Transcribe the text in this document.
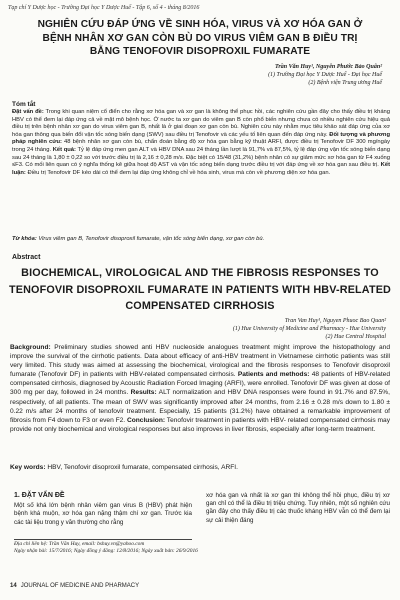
Tạp chí Y Dược học - Trường Đại học Y Dược Huế - Tập 6, số 4 - tháng 8/2016
NGHIÊN CỨU ĐÁP ỨNG VỀ SINH HÓA, VIRUS VÀ XƠ HÓA GAN Ở BỆNH NHÂN XƠ GAN CÒN BÙ DO VIRUS VIÊM GAN B ĐIỀU TRỊ BẰNG TENOFOVIR DISOPROXIL FUMARATE
Trần Văn Huy¹, Nguyễn Phước Bảo Quân²
(1) Trường Đại học Y Dược Huế - Đại học Huế
(2) Bệnh viện Trung ương Huế
Tóm tắt
Đặt vấn đề: Trong khi quan niệm cổ điển cho rằng xơ hóa gan và xơ gan là không thể phục hồi, các nghiên cứu gần đây cho thấy điều trị kháng HBV có thể đem lại đáp ứng cả về mặt mô bệnh học. Ở nước ta xơ gan do viêm gan B còn phổ biến nhưng chưa có nhiều nghiên cứu hiệu quả điều trị trên bệnh nhân xơ gan do virus viêm gan B, nhất là ở giai đoạn xơ gan còn bù. Nghiên cứu này nhằm mục tiêu khảo sát đáp ứng của xơ hóa gan thông qua biến đổi vận tốc sóng biến dạng (SWV) sau điều trị Tenofovir và các yếu tố liên quan đến đáp ứng này. Đối tượng và phương pháp nghiên cứu: 48 bệnh nhân xơ gan còn bù, chẩn đoán bằng độ xơ hóa gan bằng kỹ thuật ARFI, được điều trị Tenofovir DF 300 mg/ngày trong 24 tháng. Kết quả: Tỷ lệ đáp ứng men gan ALT và HBV DNA sau 24 tháng lần lượt là 91,7% và 87,5%, tỷ lệ đáp ứng vận tốc sóng biến dạng sau 24 tháng là 1,80 ± 0,22 so với trước điều trị là 2,16 ± 0,28 m/s. Đặc biệt có 15/48 (31,2%) bệnh nhân có sự giảm mức xơ hóa gan từ F4 xuống ≤F3. Có mối liên quan có ý nghĩa thống kê giữa hoạt độ AST và vận tốc sóng biến dạng trước điều trị với đáp ứng về xơ hóa gan sau điều trị. Kết luận: Điều trị Tenofovir DF kéo dài có thể đem lại đáp ứng không chỉ về hóa sinh, virus mà còn về phương diện xơ hóa gan.
Từ khóa: Virus viêm gan B, Tenofovir disoproxil fumarate, vận tốc sóng biến dạng, xơ gan còn bù.
Abstract
BIOCHEMICAL, VIROLOGICAL AND THE FIBROSIS RESPONSES TO TENOFOVIR DISOPROXIL FUMARATE IN PATIENTS WITH HBV-RELATED COMPENSATED CIRRHOSIS
Tran Van Huy¹, Nguyen Phuoc Bao Quan²
(1) Hue University of Medicine and Pharmacy - Hue University
(2) Hue Central Hospital
Background: Preliminary studies showed anti HBV nucleoside analogues treatment might improve the histopathology and improve the survival of the cirrhotic patients. Data about efficacy of anti-HBV treatment in Vietnamese cirrhotic patients was still very limited. This study was aimed at assessing the biochemical, virological and the fibrosis responses to Tenofovir disoproxil fumarate (Tenofovir DF) in patients with HBV-related compensated cirrhosis. Patients and methods: 48 patients of HBV-related compensated cirrhosis, diagnosed by Acoustic Radiation Forced Imaging (ARFI), were enrolled. Tenofovir DF was given at dose of 300 mg per day, followed in 24 months. Results: ALT normalization and HBV DNA responses were found in 91.7% and 87.5%, respectively, of all patients. The mean of SWV was significantly improved after 24 months, from 2.16 ± 0.28 m/s down to 1.80 ± 0.22 m/s after 24 months of tenofovir treatment. Especially, 15 patients (31.2%) have obtained a remarkable improvement of fibrosis from F4 down to F3 or even F2. Conclusion: Tenofovir treatment in patients with HBV- related compensated cirrhosis may provide not only biochemical and virological responses but also improves in liver fibrosis, especially after long-term treatment.
Key words: HBV, Tenofovir disoproxil fumarate, compensated cirrhosis, ARFI.
1. ĐẶT VẤN ĐỀ
Một số khá lớn bệnh nhân viêm gan virus B (HBV) phát hiện bệnh khá muộn, xơ hóa gan nặng thậm chí xơ gan. Trước kia các tài liệu trong y văn thường cho rằng
xơ hóa gan và nhất là xơ gan thì không thể hồi phục, điều trị xơ gan chỉ có thể là điều trị triệu chứng. Tuy nhiên, một số nghiên cứu gần đây cho thấy điều trị các thuốc kháng HBV vẫn có thể đem lại sự cải thiện đáng
Địa chỉ liên hệ: Trần Văn Huy, email: bshuy.vn@yahoo.com
Ngày nhận bài: 15/7/2016; Ngày đồng ý đăng: 12/8/2016; Ngày xuất bản: 26/9/2016
14 JOURNAL OF MEDICINE AND PHARMACY
